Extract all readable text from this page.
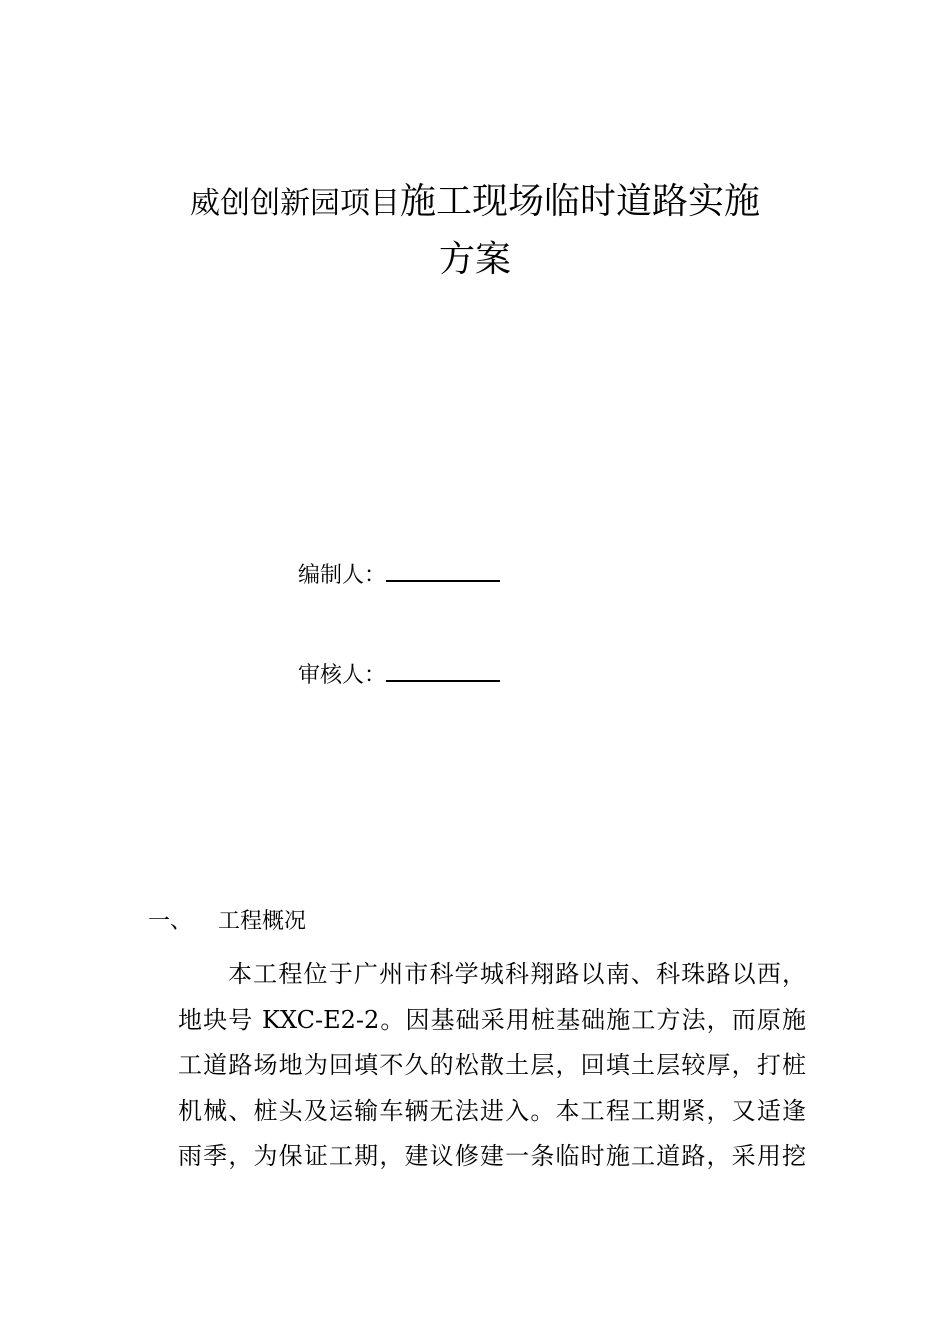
威创创新园项目施工现场临时道路实施
方案
编制人：
审核人：
一、 工程概况
本工程位于广州市科学城科翔路以南、科珠路以西，
地块号 KXC-E2-2。因基础采用桩基础施工方法，而原施
工道路场地为回填不久的松散土层，回填土层较厚，打桩
机械、桩头及运输车辆无法进入。本工程工期紧，又适逢
雨季，为保证工期，建议修建一条临时施工道路，采用挖
